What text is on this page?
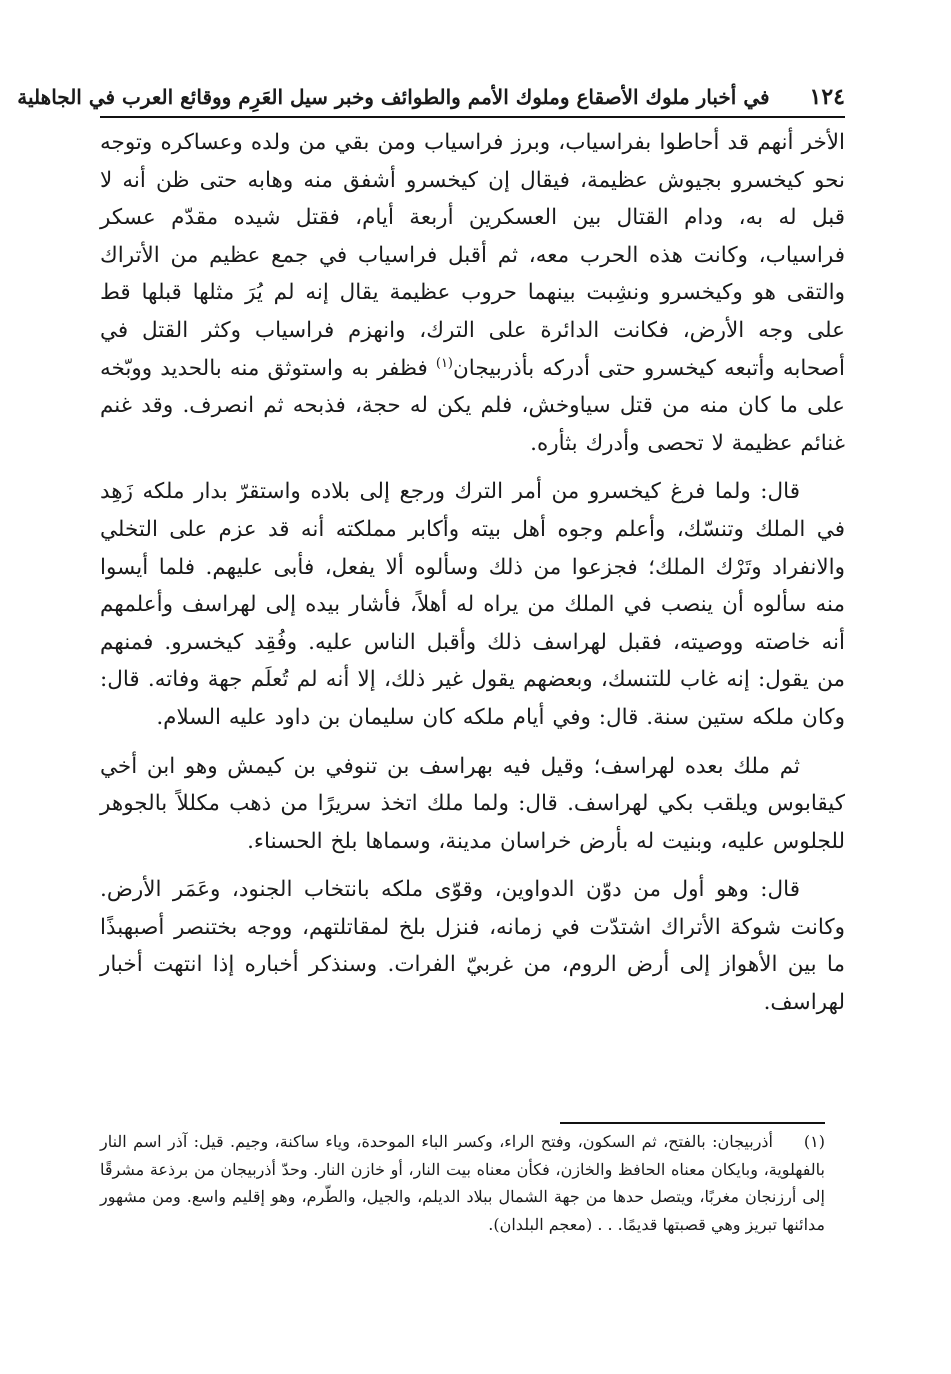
١٢٤
في أخبار ملوك الأصقاع وملوك الأمم والطوائف وخبر سيل العَرِم ووقائع العرب في الجاهلية

الأخر أنهم قد أحاطوا بفراسياب، وبرز فراسياب ومن بقي من ولده وعساكره وتوجه نحو كيخسرو بجيوش عظيمة، فيقال إن كيخسرو أشفق منه وهابه حتى ظن أنه لا قبل له به، ودام القتال بين العسكرين أربعة أيام، فقتل شيده مقدّم عسكر فراسياب، وكانت هذه الحرب معه، ثم أقبل فراسياب في جمع عظيم من الأتراك والتقى هو وكيخسرو ونشِبت بينهما حروب عظيمة يقال إنه لم يُرَ مثلها قبلها قط على وجه الأرض، فكانت الدائرة على الترك، وانهزم فراسياب وكثر القتل في أصحابه وأتبعه كيخسرو حتى أدركه بأذربيجان$^{(١)}$ فظفر به واستوثق منه بالحديد ووبّخه على ما كان منه من قتل سياوخش، فلم يكن له حجة، فذبحه ثم انصرف. وقد غنم غنائم عظيمة لا تحصى وأدرك بثأره.

قال: ولما فرغ كيخسرو من أمر الترك ورجع إلى بلاده واستقرّ بدار ملكه زَهِد في الملك وتنسّك، وأعلم وجوه أهل بيته وأكابر مملكته أنه قد عزم على التخلي والانفراد وتَرْك الملك؛ فجزعوا من ذلك وسألوه ألا يفعل، فأبى عليهم. فلما أيسوا منه سألوه أن ينصب في الملك من يراه له أهلاً، فأشار بيده إلى لهراسف وأعلمهم أنه خاصته ووصيته، فقبل لهراسف ذلك وأقبل الناس عليه. وفُقِد كيخسرو. فمنهم من يقول: إنه غاب للتنسك، وبعضهم يقول غير ذلك، إلا أنه لم تُعلَم جهة وفاته. قال: وكان ملكه ستين سنة. قال: وفي أيام ملكه كان سليمان بن داود عليه السلام.

ثم ملك بعده لهراسف؛ وقيل فيه بهراسف بن تنوفي بن كيمش وهو ابن أخي كيقابوس ويلقب بكي لهراسف. قال: ولما ملك اتخذ سريرًا من ذهب مكللاً بالجوهر للجلوس عليه، وبنيت له بأرض خراسان مدينة، وسماها بلخ الحسناء.

قال: وهو أول من دوّن الدواوين، وقوّى ملكه بانتخاب الجنود، وعَمَر الأرض. وكانت شوكة الأتراك اشتدّت في زمانه، فنزل بلخ لمقاتلتهم، ووجه بختنصر أصبهبذًا ما بين الأهواز إلى أرض الروم، من غربيّ الفرات. وسنذكر أخباره إذا انتهت أخبار لهراسف.

(١)أذربيجان: بالفتح، ثم السكون، وفتح الراء، وكسر الباء الموحدة، وياء ساكنة، وجيم. قيل: آذر اسم النار بالفهلوية، وبايكان معناه الحافظ والخازن، فكأن معناه بيت النار، أو خازن النار. وحدّ أذربيجان من برذعة مشرقًا إلى أرزنجان مغربًا، ويتصل حدها من جهة الشمال ببلاد الديلم، والجيل، والطّرم، وهو إقليم واسع. ومن مشهور مدائنها تبريز وهي قصبتها قديمًا. . . (معجم البلدان).
